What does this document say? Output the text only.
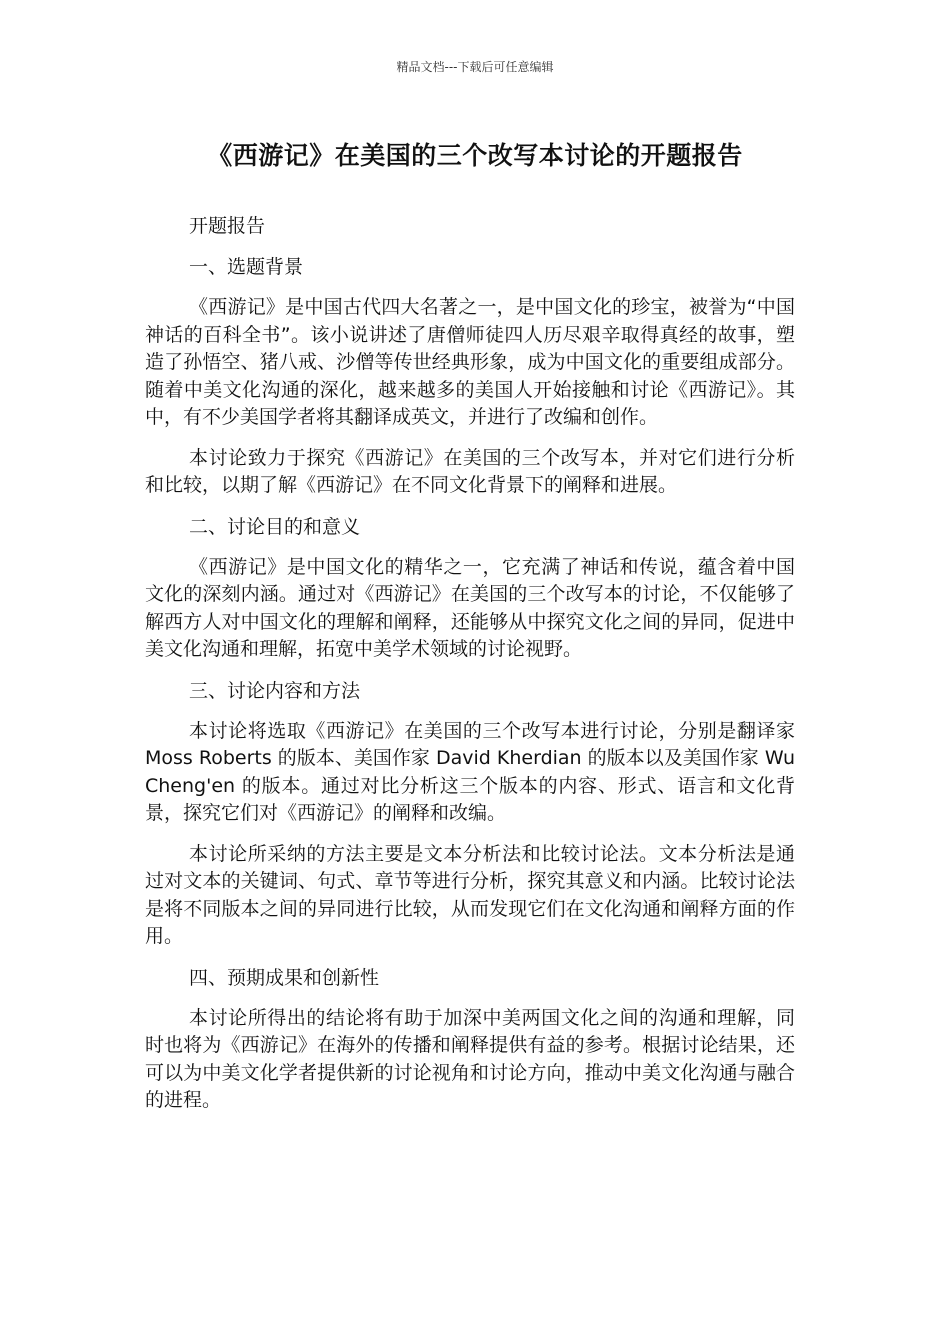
精品文档---下载后可任意编辑
《西游记》在美国的三个改写本讨论的开题报告

开题报告

一、选题背景

《西游记》是中国古代四大名著之一，是中国文化的珍宝，被誉为“中国神话的百科全书”。该小说讲述了唐僧师徒四人历尽艰辛取得真经的故事，塑造了孙悟空、猪八戒、沙僧等传世经典形象，成为中国文化的重要组成部分。随着中美文化沟通的深化，越来越多的美国人开始接触和讨论《西游记》。其中，有不少美国学者将其翻译成英文，并进行了改编和创作。

本讨论致力于探究《西游记》在美国的三个改写本，并对它们进行分析和比较，以期了解《西游记》在不同文化背景下的阐释和进展。

二、讨论目的和意义

《西游记》是中国文化的精华之一，它充满了神话和传说，蕴含着中国文化的深刻内涵。通过对《西游记》在美国的三个改写本的讨论，不仅能够了解西方人对中国文化的理解和阐释，还能够从中探究文化之间的异同，促进中美文化沟通和理解，拓宽中美学术领域的讨论视野。

三、讨论内容和方法

本讨论将选取《西游记》在美国的三个改写本进行讨论，分别是翻译家 Moss Roberts 的版本、美国作家 David Kherdian 的版本以及美国作家 Wu Cheng'en 的版本。通过对比分析这三个版本的内容、形式、语言和文化背景，探究它们对《西游记》的阐释和改编。

本讨论所采纳的方法主要是文本分析法和比较讨论法。文本分析法是通过对文本的关键词、句式、章节等进行分析，探究其意义和内涵。比较讨论法是将不同版本之间的异同进行比较，从而发现它们在文化沟通和阐释方面的作用。

四、预期成果和创新性

本讨论所得出的结论将有助于加深中美两国文化之间的沟通和理解，同时也将为《西游记》在海外的传播和阐释提供有益的参考。根据讨论结果，还可以为中美文化学者提供新的讨论视角和讨论方向，推动中美文化沟通与融合的进程。
